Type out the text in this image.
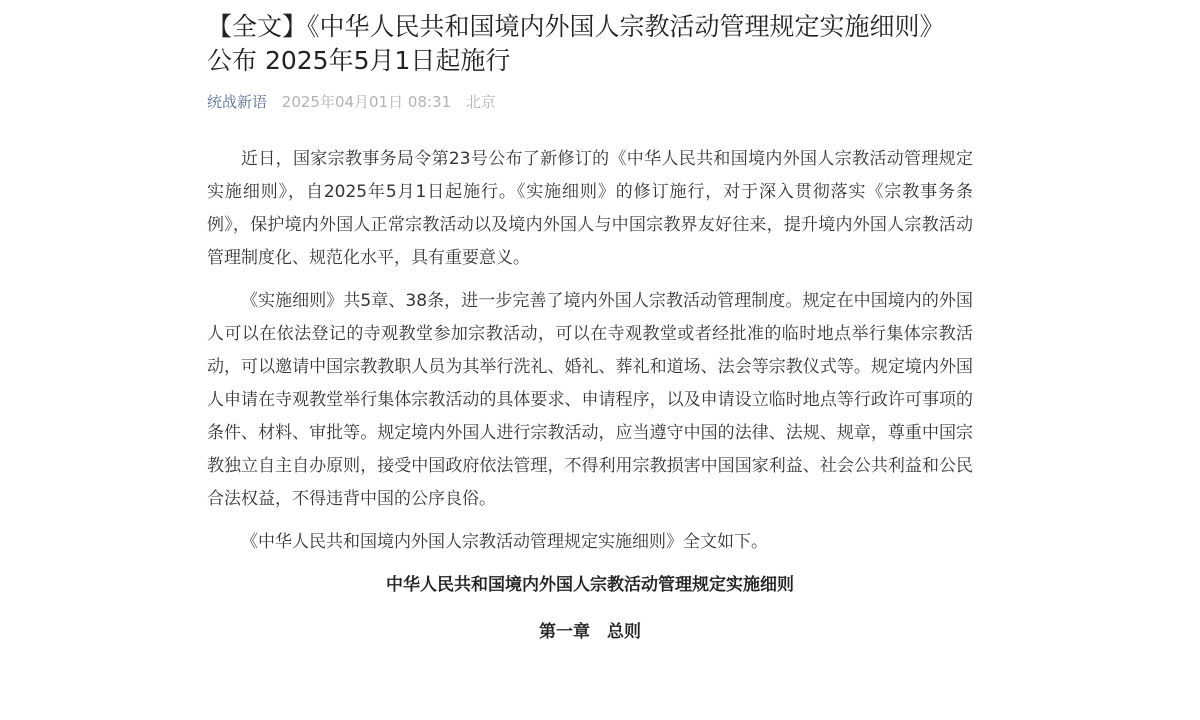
【全文】《中华人民共和国境内外国人宗教活动管理规定实施细则》
公布 2025年5月1日起施行
统战新语 2025年04月01日 08:31 北京

近日，国家宗教事务局令第23号公布了新修订的《中华人民共和国境内外国人宗教活动管理规定实施细则》，自2025年5月1日起施行。《实施细则》的修订施行，对于深入贯彻落实《宗教事务条例》，保护境内外国人正常宗教活动以及境内外国人与中国宗教界友好往来，提升境内外国人宗教活动管理制度化、规范化水平，具有重要意义。

《实施细则》共5章、38条，进一步完善了境内外国人宗教活动管理制度。规定在中国境内的外国人可以在依法登记的寺观教堂参加宗教活动，可以在寺观教堂或者经批准的临时地点举行集体宗教活动，可以邀请中国宗教教职人员为其举行洗礼、婚礼、葬礼和道场、法会等宗教仪式等。规定境内外国人申请在寺观教堂举行集体宗教活动的具体要求、申请程序，以及申请设立临时地点等行政许可事项的条件、材料、审批等。规定境内外国人进行宗教活动，应当遵守中国的法律、法规、规章，尊重中国宗教独立自主自办原则，接受中国政府依法管理，不得利用宗教损害中国国家利益、社会公共利益和公民合法权益，不得违背中国的公序良俗。

《中华人民共和国境内外国人宗教活动管理规定实施细则》全文如下。

中华人民共和国境内外国人宗教活动管理规定实施细则

第一章　总则
